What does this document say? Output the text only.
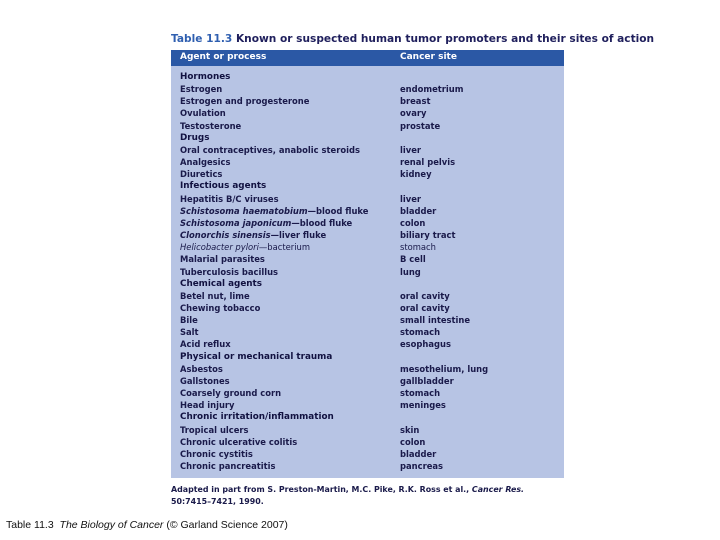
Table 11.3 Known or suspected human tumor promoters and their sites of action
Agent or process	Cancer site
Hormones
Estrogen	endometrium
Estrogen and progesterone	breast
Ovulation	ovary
Testosterone	prostate
Drugs
Oral contraceptives, anabolic steroids	liver
Analgesics	renal pelvis
Diuretics	kidney
Infectious agents
Hepatitis B/C viruses	liver
Schistosoma haematobium—blood fluke	bladder
Schistosoma japonicum—blood fluke	colon
Clonorchis sinensis—liver fluke	biliary tract
Helicobacter pylori—bacterium	stomach
Malarial parasites	B cell
Tuberculosis bacillus	lung
Chemical agents
Betel nut, lime	oral cavity
Chewing tobacco	oral cavity
Bile	small intestine
Salt	stomach
Acid reflux	esophagus
Physical or mechanical trauma
Asbestos	mesothelium, lung
Gallstones	gallbladder
Coarsely ground corn	stomach
Head injury	meninges
Chronic irritation/inflammation
Tropical ulcers	skin
Chronic ulcerative colitis	colon
Chronic cystitis	bladder
Chronic pancreatitis	pancreas
Adapted in part from S. Preston-Martin, M.C. Pike, R.K. Ross et al., Cancer Res.
50:7415–7421, 1990.
Table 11.3 The Biology of Cancer (© Garland Science 2007)
